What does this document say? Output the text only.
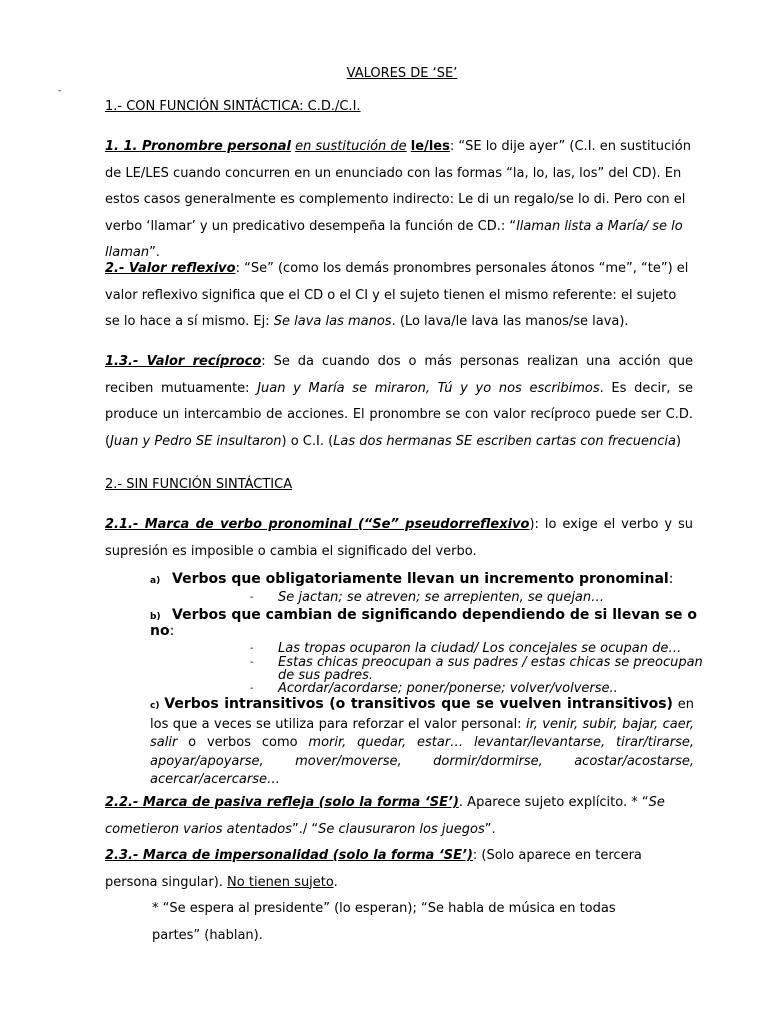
-
VALORES DE ‘SE’
1.- CON FUNCIÓN SINTÁCTICA: C.D./C.I.
1. 1. Pronombre personal en sustitución de le/les: “SE lo dije ayer” (C.I. en sustitución de LE/LES cuando concurren en un enunciado con las formas “la, lo, las, los” del CD). En estos casos generalmente es complemento indirecto: Le di un regalo/se lo di. Pero con el verbo ‘llamar’ y un predicativo desempeña la función de CD.: “llaman lista a María/ se lo llaman”.
2.- Valor reflexivo: “Se” (como los demás pronombres personales átonos “me”, “te”) el valor reflexivo significa que el CD o el CI y el sujeto tienen el mismo referente: el sujeto se lo hace a sí mismo. Ej: Se lava las manos. (Lo lava/le lava las manos/se lava).
1.3.- Valor recíproco: Se da cuando dos o más personas realizan una acción que reciben mutuamente: Juan y María se miraron, Tú y yo nos escribimos. Es decir, se produce un intercambio de acciones. El pronombre se con valor recíproco puede ser C.D. (Juan y Pedro SE insultaron) o C.I. (Las dos hermanas SE escriben cartas con frecuencia)
2.- SIN FUNCIÓN SINTÁCTICA
2.1.- Marca de verbo pronominal (“Se” pseudorreflexivo): lo exige el verbo y su supresión es imposible o cambia el significado del verbo.
a) Verbos que obligatoriamente llevan un incremento pronominal:
- Se jactan; se atreven; se arrepienten, se quejan…
b) Verbos que cambian de significando dependiendo de si llevan se o no:
- Las tropas ocuparon la ciudad/ Los concejales se ocupan de…
- Estas chicas preocupan a sus padres / estas chicas se preocupan de sus padres.
- Acordar/acordarse; poner/ponerse; volver/volverse..
c) Verbos intransitivos (o transitivos que se vuelven intransitivos) en los que a veces se utiliza para reforzar el valor personal: ir, venir, subir, bajar, caer, salir o verbos como morir, quedar, estar… levantar/levantarse, tirar/tirarse, apoyar/apoyarse, mover/moverse, dormir/dormirse, acostar/acostarse, acercar/acercarse…
2.2.- Marca de pasiva refleja (solo la forma ‘SE’). Aparece sujeto explícito. * “Se cometieron varios atentados”./ “Se clausuraron los juegos”.
2.3.- Marca de impersonalidad (solo la forma ‘SE’): (Solo aparece en tercera persona singular). No tienen sujeto.
* “Se espera al presidente” (lo esperan); “Se habla de música en todas partes” (hablan).
